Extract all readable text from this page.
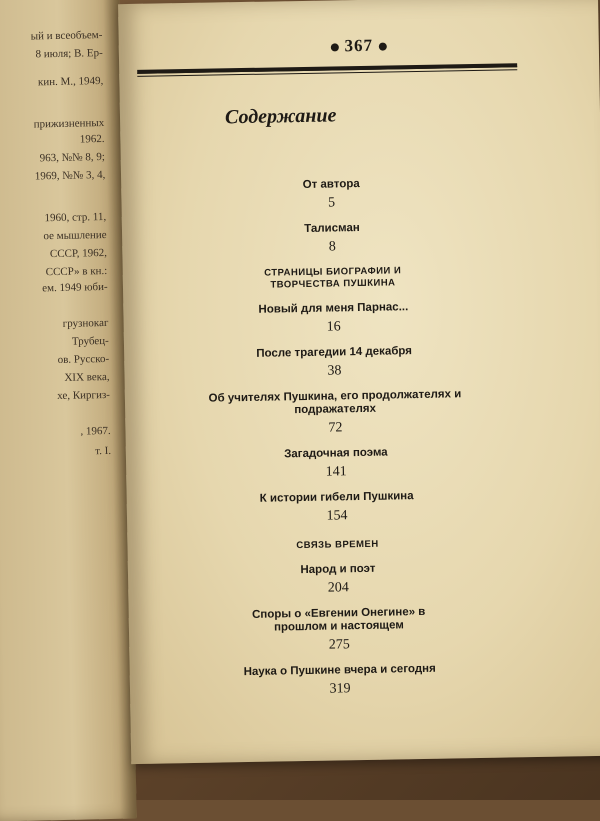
ый и всеобъем-
8 июля; В. Ер-
кин. М., 1949,
прижизненных
1962.
963, №№ 8, 9;
1969, №№ 3, 4,
1960, стр. 11,
ое мышление
СССР, 1962,
СССР» в кн.:
ем. 1949 юби-
грузнокаг
Трубец-
ов. Русско-
XIX века,
хе, Киргиз-
, 1967.
т. I.
367
Содержание
От автора
5
Талисман
8
СТРАНИЦЫ БИОГРАФИИ И ТВОРЧЕСТВА ПУШКИНА
Новый для меня Парнас...
16
После трагедии 14 декабря
38
Об учителях Пушкина, его продолжателях и подражателях
72
Загадочная поэма
141
К истории гибели Пушкина
154
СВЯЗЬ ВРЕМЕН
Народ и поэт
204
Споры о «Евгении Онегине» в прошлом и настоящем
275
Наука о Пушкине вчера и сегодня
319
